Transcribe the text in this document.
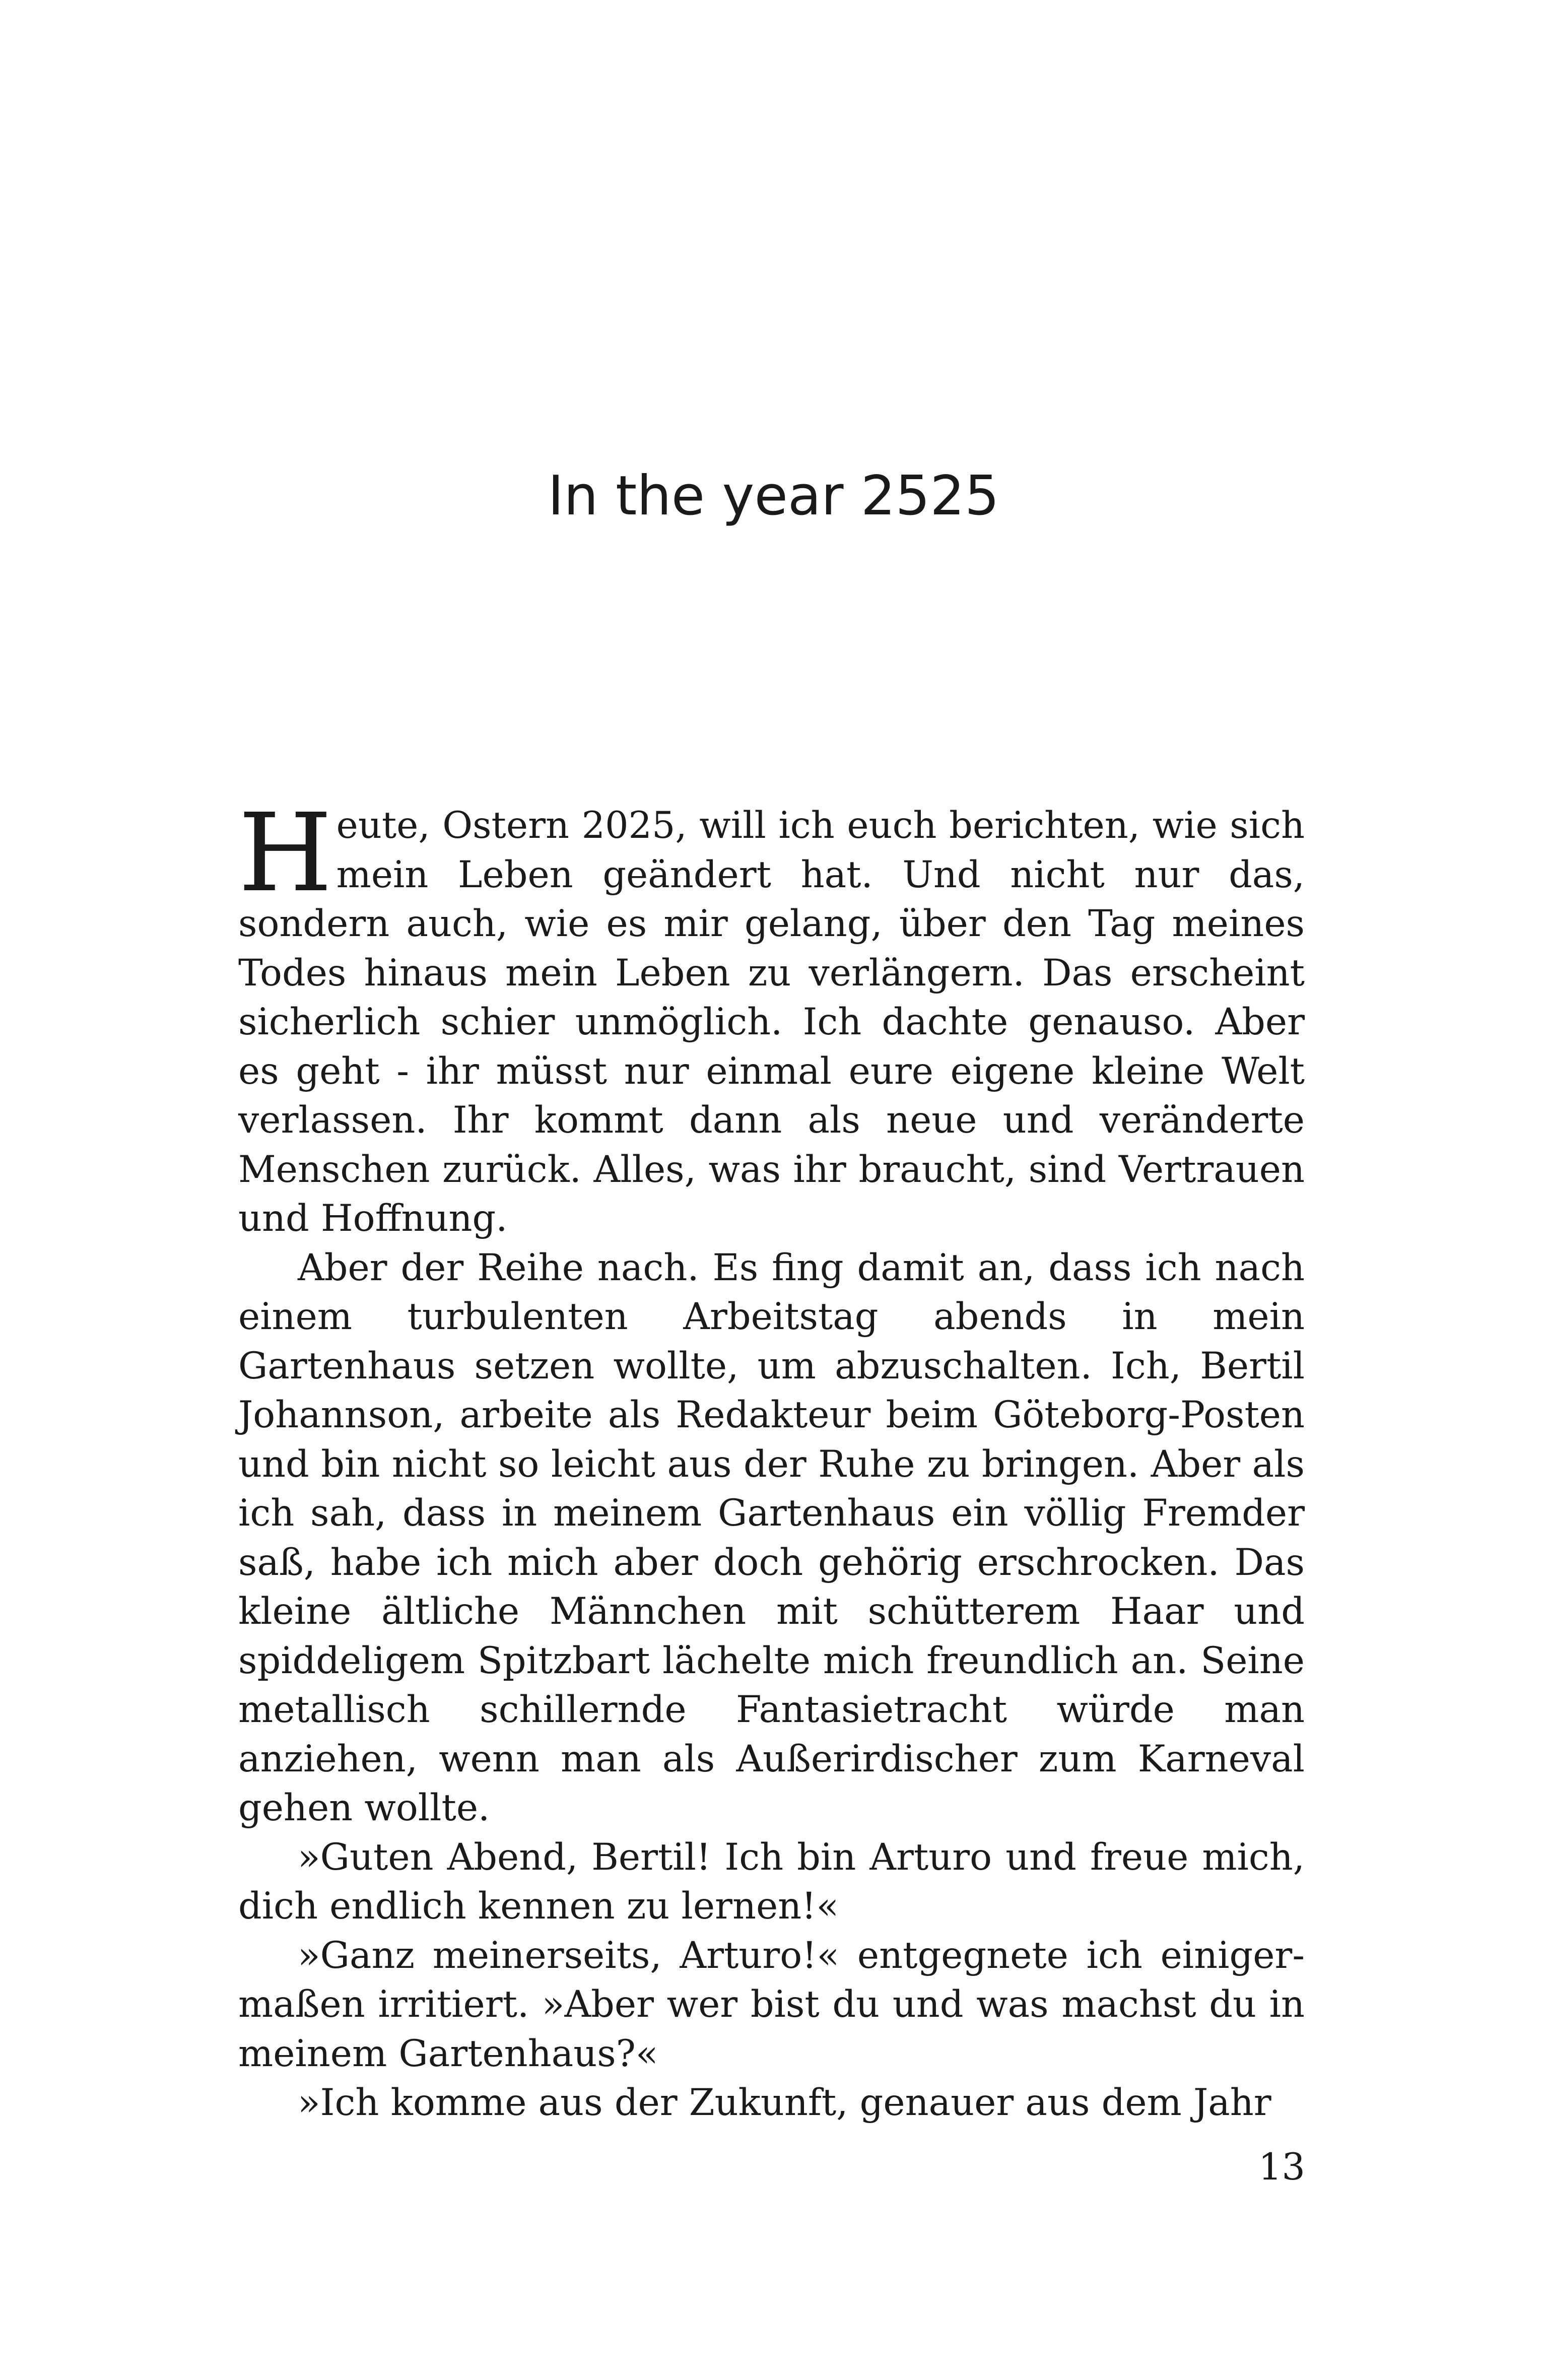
In the year 2525

Heute, Ostern 2025, will ich euch berichten, wie sich mein Leben geändert hat. Und nicht nur das, sondern auch, wie es mir gelang, über den Tag meines Todes hinaus mein Leben zu verlängern. Das erscheint sicherlich schier unmöglich. Ich dachte genauso. Aber es geht - ihr müsst nur einmal eure eigene kleine Welt verlassen. Ihr kommt dann als neue und veränderte Menschen zurück. Alles, was ihr braucht, sind Vertrauen und Hoffnung.

Aber der Reihe nach. Es fing damit an, dass ich nach einem turbulenten Arbeitstag abends in mein Gartenhaus setzen wollte, um abzuschalten. Ich, Bertil Johannson, arbeite als Redakteur beim Göteborg-Posten und bin nicht so leicht aus der Ruhe zu bringen. Aber als ich sah, dass in meinem Gartenhaus ein völlig Fremder saß, habe ich mich aber doch gehörig erschrocken. Das kleine ältliche Männchen mit schütterem Haar und spiddeligem Spitzbart lächelte mich freundlich an. Seine metallisch schillernde Fantasietracht würde man anziehen, wenn man als Außerirdischer zum Karneval gehen wollte.

»Guten Abend, Bertil! Ich bin Arturo und freue mich, dich endlich kennen zu lernen!«

»Ganz meinerseits, Arturo!« entgegnete ich einigermaßen irritiert. »Aber wer bist du und was machst du in meinem Gartenhaus?«

»Ich komme aus der Zukunft, genauer aus dem Jahr

13
